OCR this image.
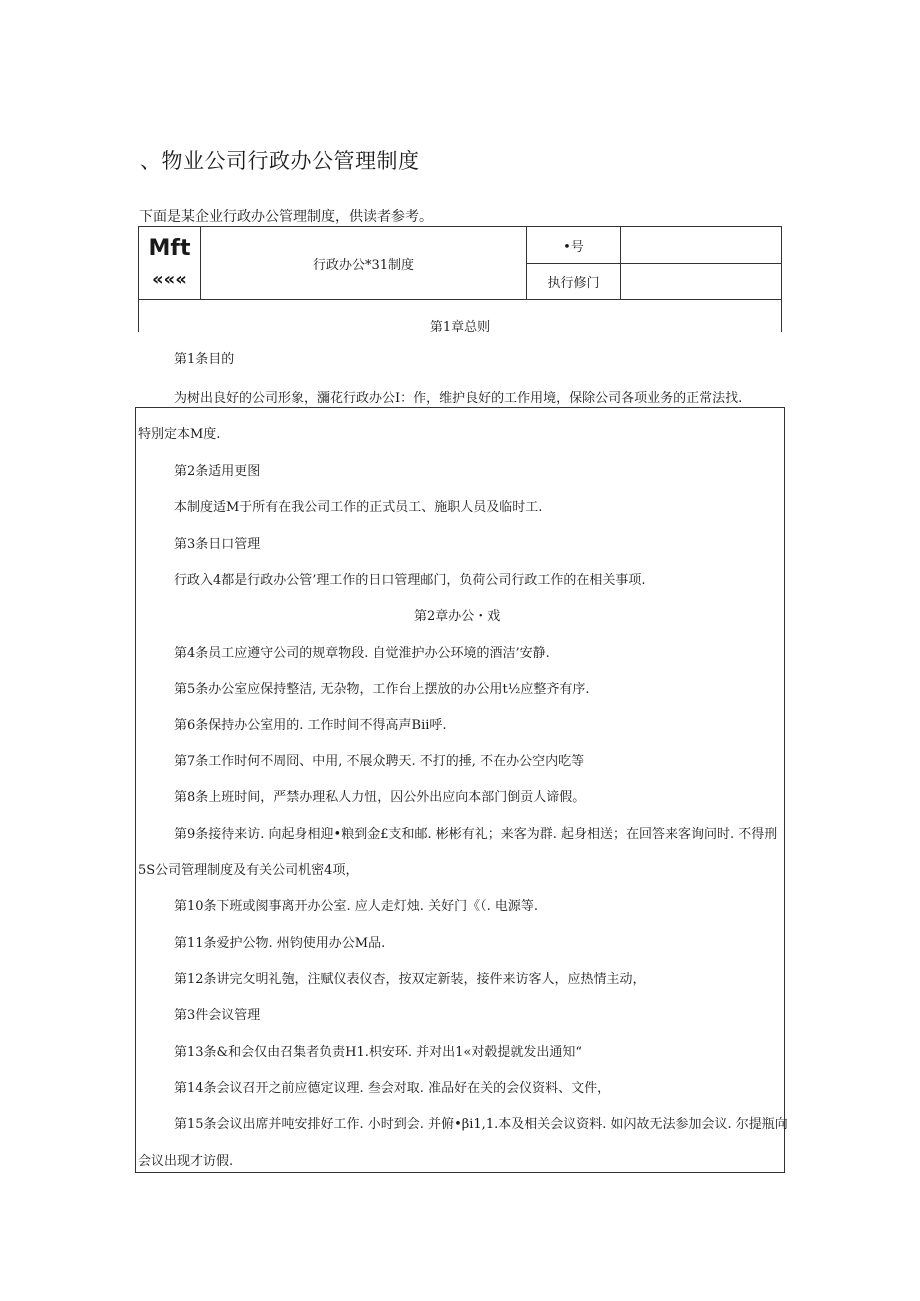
、物业公司行政办公管理制度
下面是某企业行政办公管理制度，供读者参考。
Mft
«««
行政办公*31制度
•号
执行修门
第1章总则
第1条目的
为树出良好的公司形象，瀰花行政办公I：作，维护良好的工作用境，保除公司各项业务的正常法找.
特別定本M度.
第2条适用更图
本制度适M于所有在我公司工作的正式员工、施职人员及临时工.
第3条日口管理
行政入4都是行政办公管’理工作的日口管理邮门，负荷公司行政工作的在相关事项.
第2章办公・戏
第4条员工应遵守公司的规章物段. 自觉淮护办公环境的酒洁’安静.
第5条办公室应保持整洁, 无杂物，工作台上摆放的办公用t½应整齐有序.
第6条保持办公室用的. 工作时间不得高声Bii呼.
第7条工作时何不周冏、中用, 不展众聘天. 不打的捶, 不在办公空内吃等
第8条上班时间，严禁办理私人力忸，囚公外出应向本部门倒贡人谛假。
第9条接待来访. 向起身相迎•粮到金£支和邮. 彬彬有礼；来客为群. 起身相送；在回答来客询问时. 不得刑
5S公司管理制度及有关公司机密4项，
第10条下班或阂事离开办公室. 应人走灯烛. 关好门《（. 电源等.
第11条爱护公物. 州钧使用办公M品.
第12条讲完攵明礼匏，注赋仪表仪杏，按双定新装，接件来访客人，应热情主动，
第3件会议管理
第13条&和会仅由召集者负责H1.枳安环. 并对出1«对毂提就发出通知“
第14条会议召开之前应德定议理. 叁会对取. 准品好在关的会仪资料、文件，
第15条会议出席并吨安排好工作. 小时到会. 并俯•βi1,1.本及相关会议资料. 如闪故无法参加会议. 尔提瓶向
会议出现才访假.
